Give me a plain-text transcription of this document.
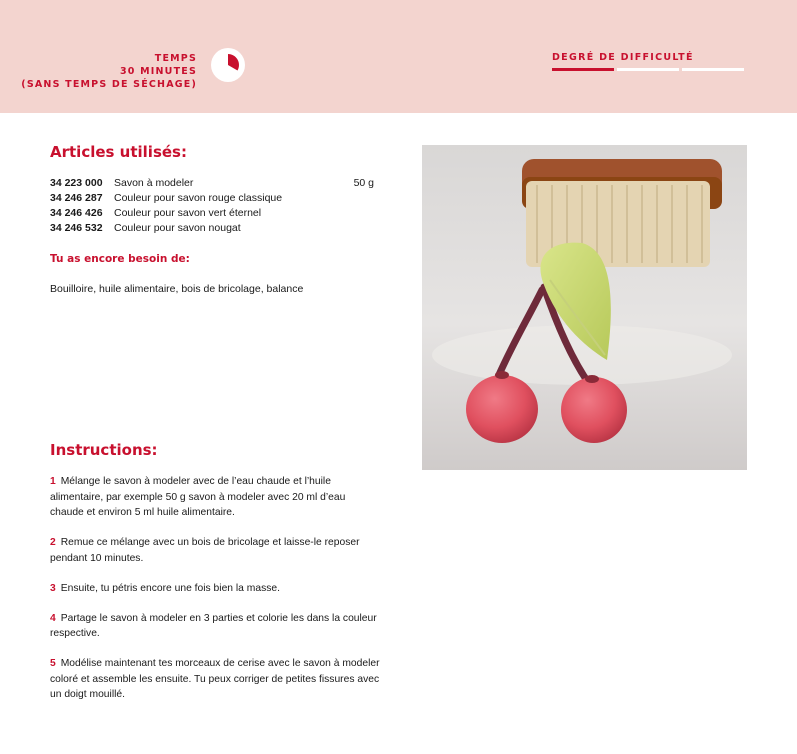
TEMPS
30 MINUTES
(SANS TEMPS DE SÉCHAGE)
DEGRÉ DE DIFFICULTÉ
Articles utilisés:
34 223 000 Savon à modeler	50 g
34 246 287 Couleur pour savon rouge classique
34 246 426 Couleur pour savon vert éternel
34 246 532 Couleur pour savon nougat
Tu as encore besoin de:
Bouilloire, huile alimentaire, bois de bricolage, balance
Instructions:
1 Mélange le savon à modeler avec de l’eau chaude et l’huile alimentaire, par exemple 50 g savon à modeler avec 20 ml d’eau chaude et environ 5 ml huile alimentaire.
2 Remue ce mélange avec un bois de bricolage et laisse-le reposer pendant 10 minutes.
3 Ensuite, tu pétris encore une fois bien la masse.
4 Partage le savon à modeler en 3 parties et colorie les dans la couleur respective.
5 Modélise maintenant tes morceaux de cerise avec le savon à modeler coloré et assemble les ensuite. Tu peux corriger de petites fissures avec un doigt mouillé.
